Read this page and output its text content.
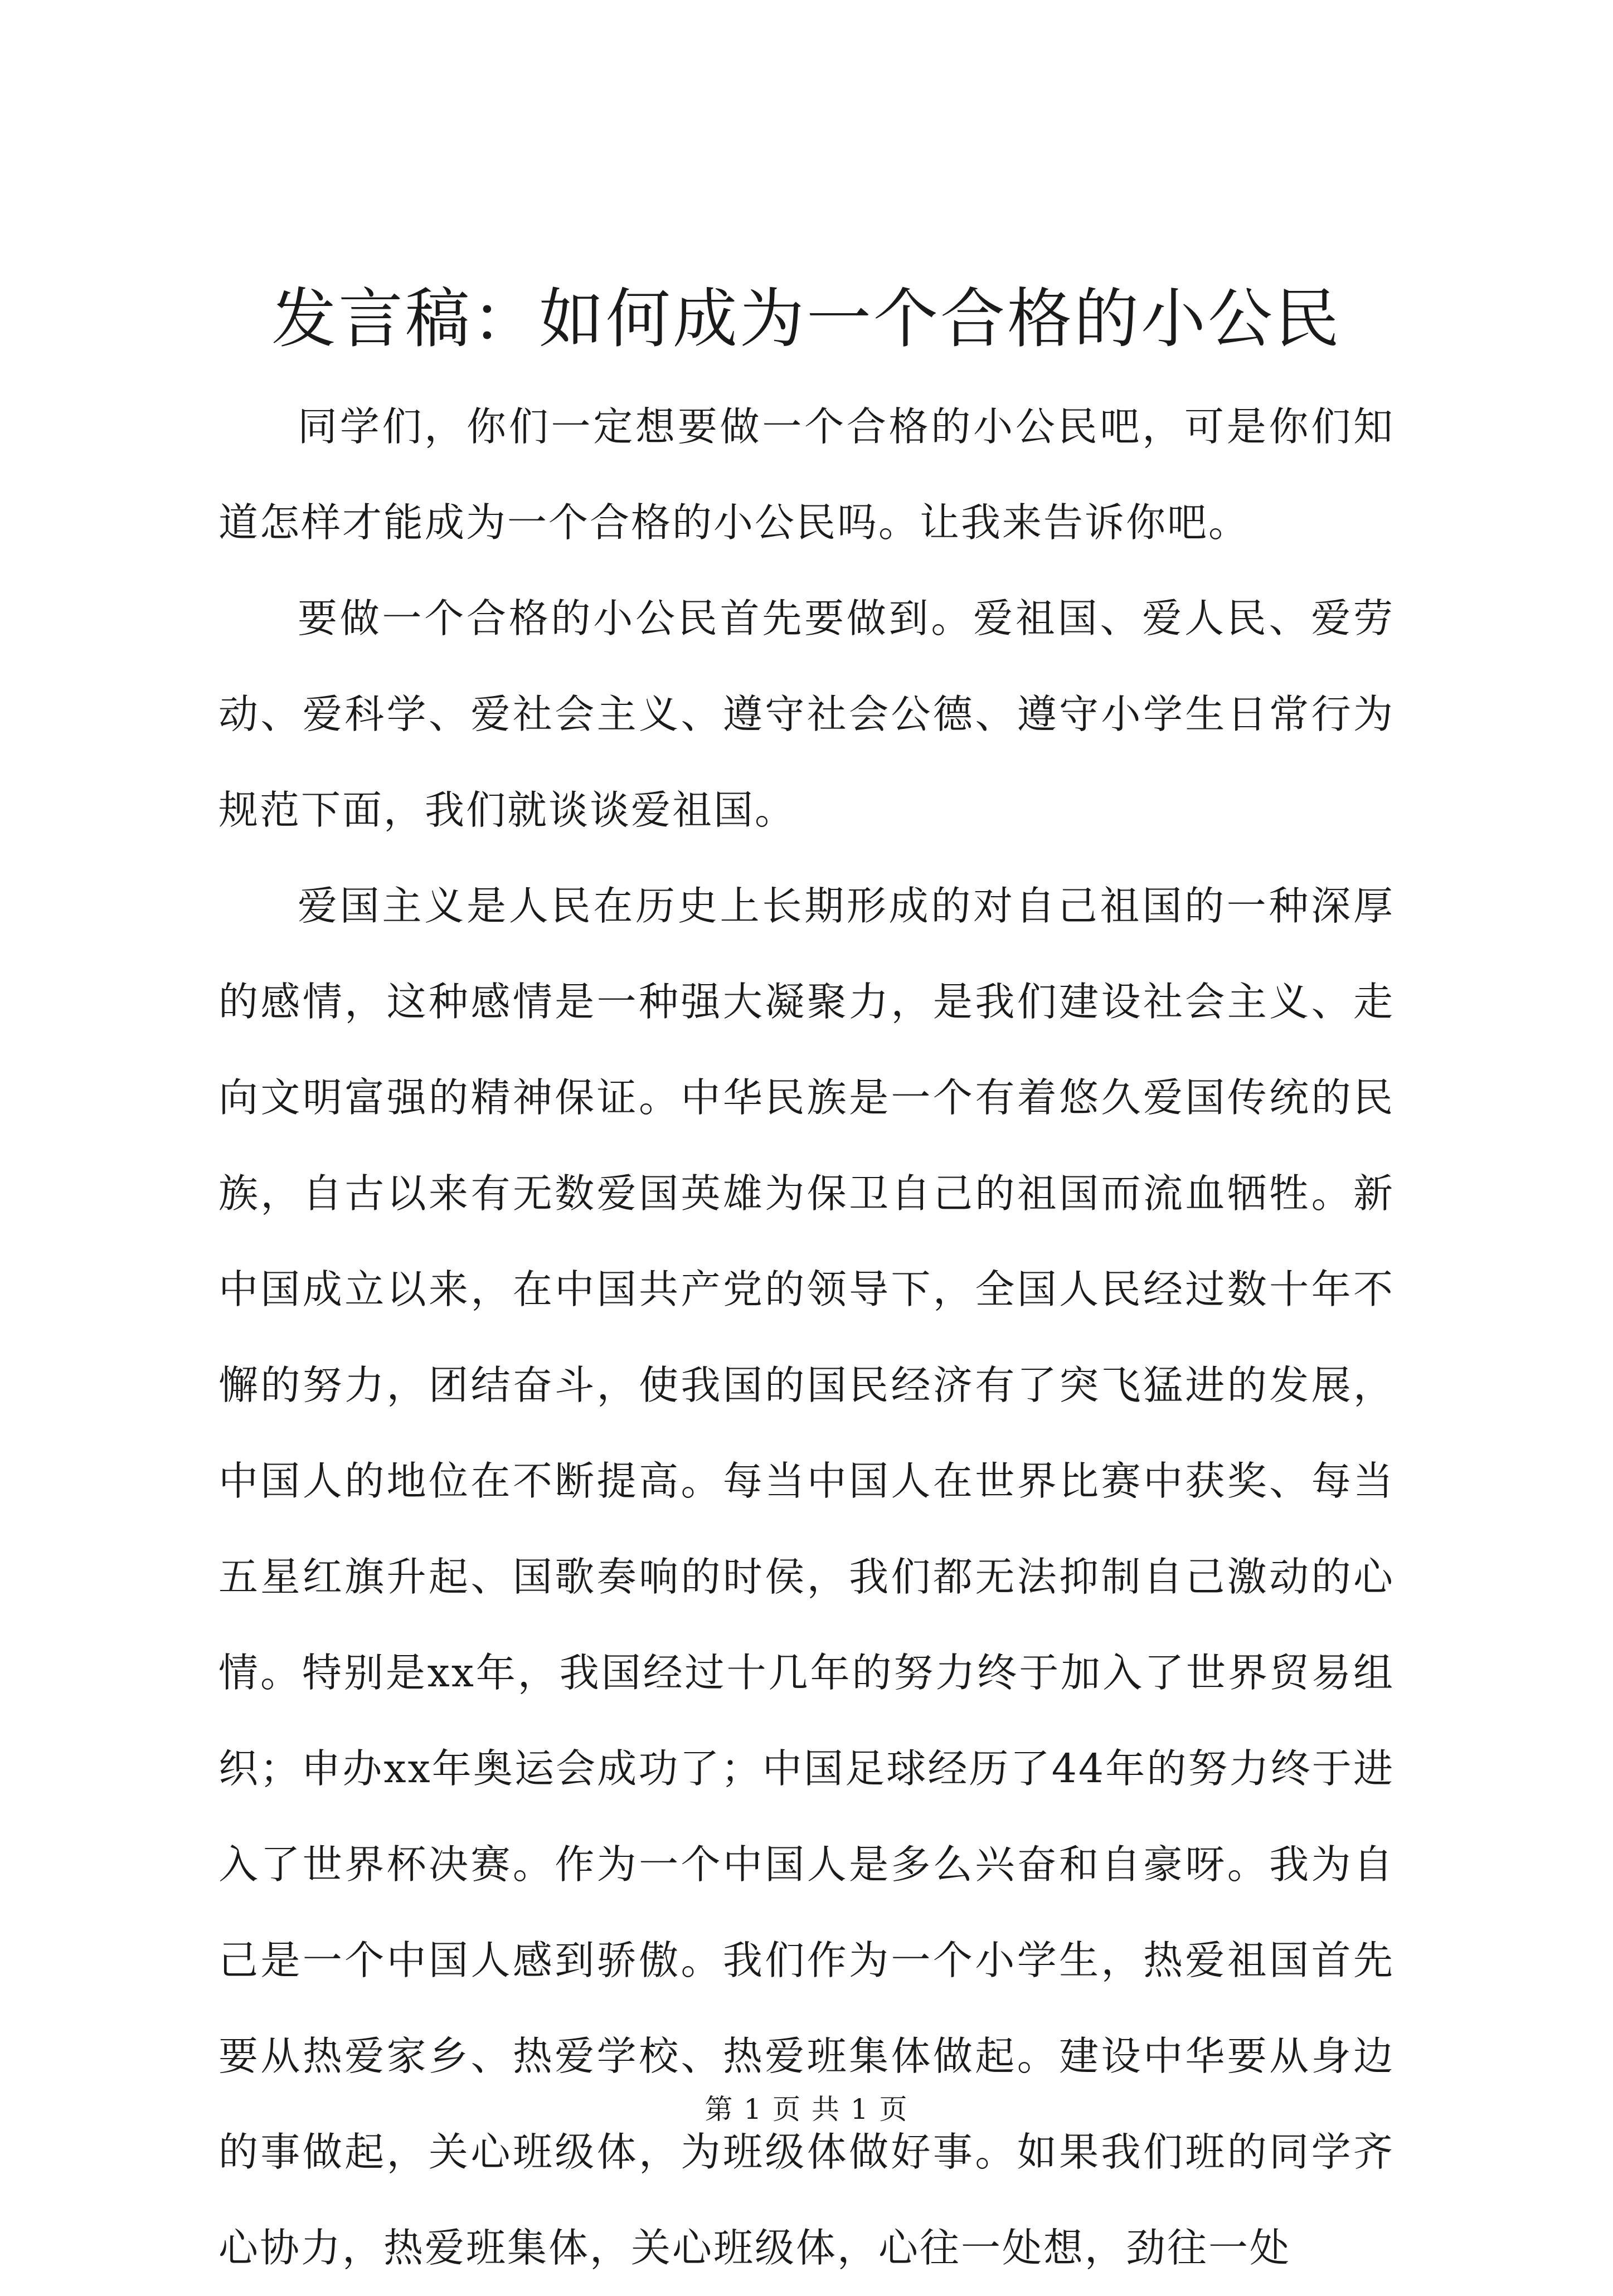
发言稿：如何成为一个合格的小公民

同学们，你们一定想要做一个合格的小公民吧，可是你们知道怎样才能成为一个合格的小公民吗。让我来告诉你吧。

要做一个合格的小公民首先要做到。爱祖国、爱人民、爱劳动、爱科学、爱社会主义、遵守社会公德、遵守小学生日常行为规范下面，我们就谈谈爱祖国。

爱国主义是人民在历史上长期形成的对自己祖国的一种深厚的感情，这种感情是一种强大凝聚力，是我们建设社会主义、走向文明富强的精神保证。中华民族是一个有着悠久爱国传统的民族，自古以来有无数爱国英雄为保卫自己的祖国而流血牺牲。新中国成立以来，在中国共产党的领导下，全国人民经过数十年不懈的努力，团结奋斗，使我国的国民经济有了突飞猛进的发展，中国人的地位在不断提高。每当中国人在世界比赛中获奖、每当五星红旗升起、国歌奏响的时侯，我们都无法抑制自己激动的心情。特别是xx年，我国经过十几年的努力终于加入了世界贸易组织；申办xx年奥运会成功了；中国足球经历了44年的努力终于进入了世界杯决赛。作为一个中国人是多么兴奋和自豪呀。我为自己是一个中国人感到骄傲。我们作为一个小学生，热爱祖国首先要从热爱家乡、热爱学校、热爱班集体做起。建设中华要从身边的事做起，关心班级体，为班级体做好事。如果我们班的同学齐心协力，热爱班集体，关心班级体，心往一处想，劲往一处

第 1 页 共 1 页
